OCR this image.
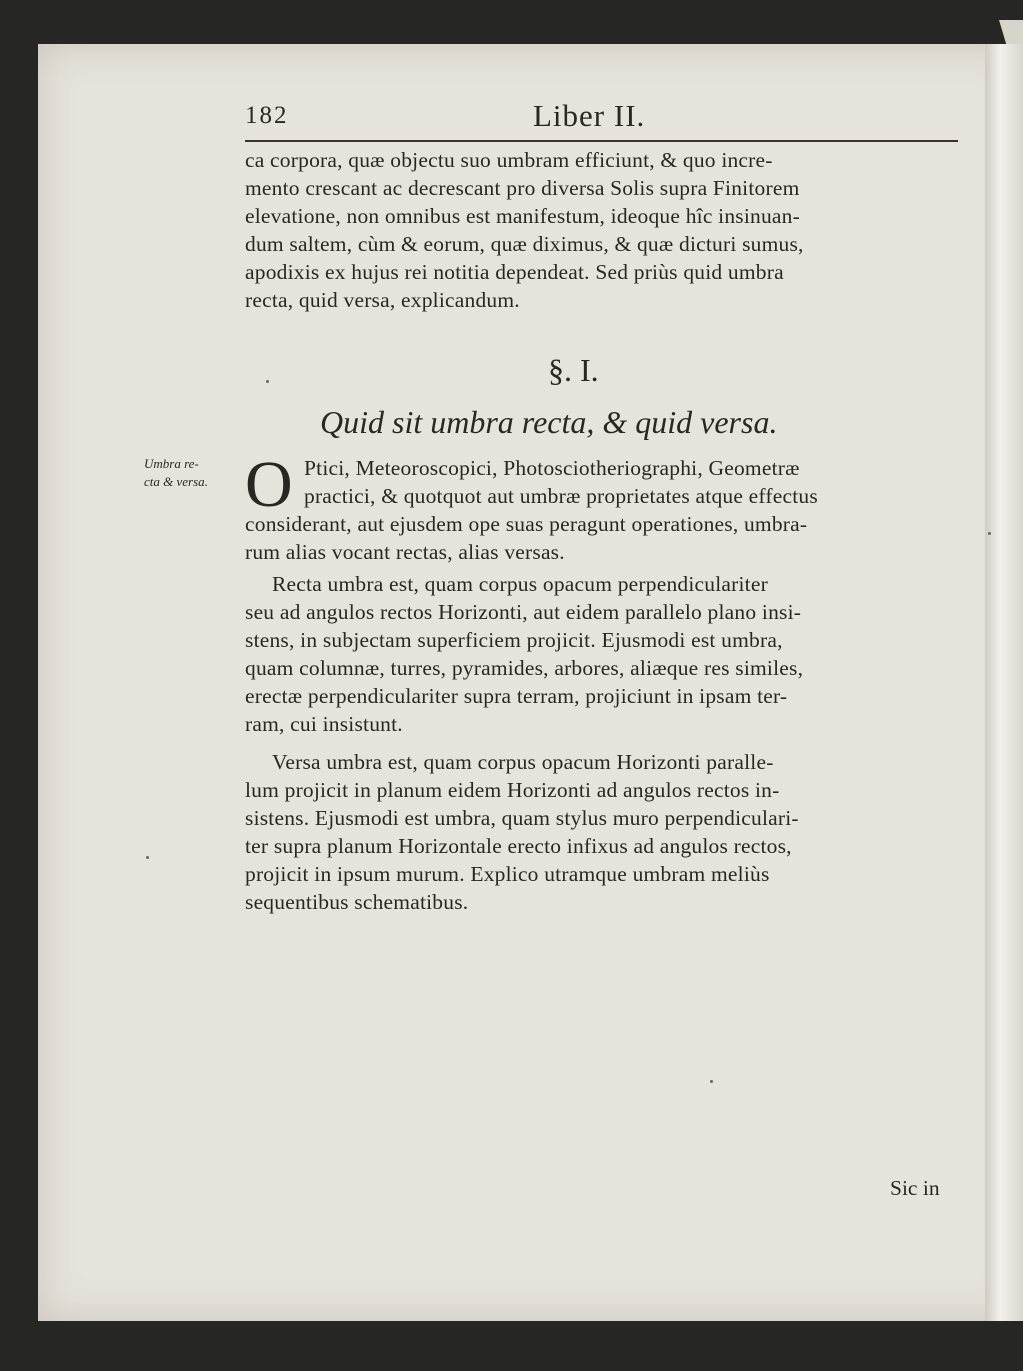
182	Liber II.
ca corpora, quæ objectu suo umbram efficiunt, & quo incre-
mento crescant ac decrescant pro diversa Solis supra Finitorem
elevatione, non omnibus est manifestum, ideoque hîc insinuan-
dum saltem, cùm & eorum, quæ diximus, & quæ dicturi sumus,
apodixis ex hujus rei notitia dependeat. Sed priùs quid umbra
recta, quid versa, explicandum.
§. I.
Quid sit umbra recta, & quid versa.
Umbra re-
cta & versa. O Ptici, Meteoroscopici, Photosciotheriographi, Geometræ
practici, & quotquot aut umbræ proprietates atque effectus
considerant, aut ejusdem ope suas peragunt operationes, umbra-
rum alias vocant rectas, alias versas.
Recta umbra est, quam corpus opacum perpendiculariter
seu ad angulos rectos Horizonti, aut eidem parallelo plano insi-
stens, in subjectam superficiem projicit. Ejusmodi est umbra,
quam columnæ, turres, pyramides, arbores, aliæque res similes,
erectæ perpendiculariter supra terram, projiciunt in ipsam ter-
ram, cui insistunt.
Versa umbra est, quam corpus opacum Horizonti paralle-
lum projicit in planum eidem Horizonti ad angulos rectos in-
sistens. Ejusmodi est umbra, quam stylus muro perpendiculari-
ter supra planum Horizontale erecto infixus ad angulos rectos,
projicit in ipsum murum. Explico utramque umbram meliùs
sequentibus schematibus.
Sic in
